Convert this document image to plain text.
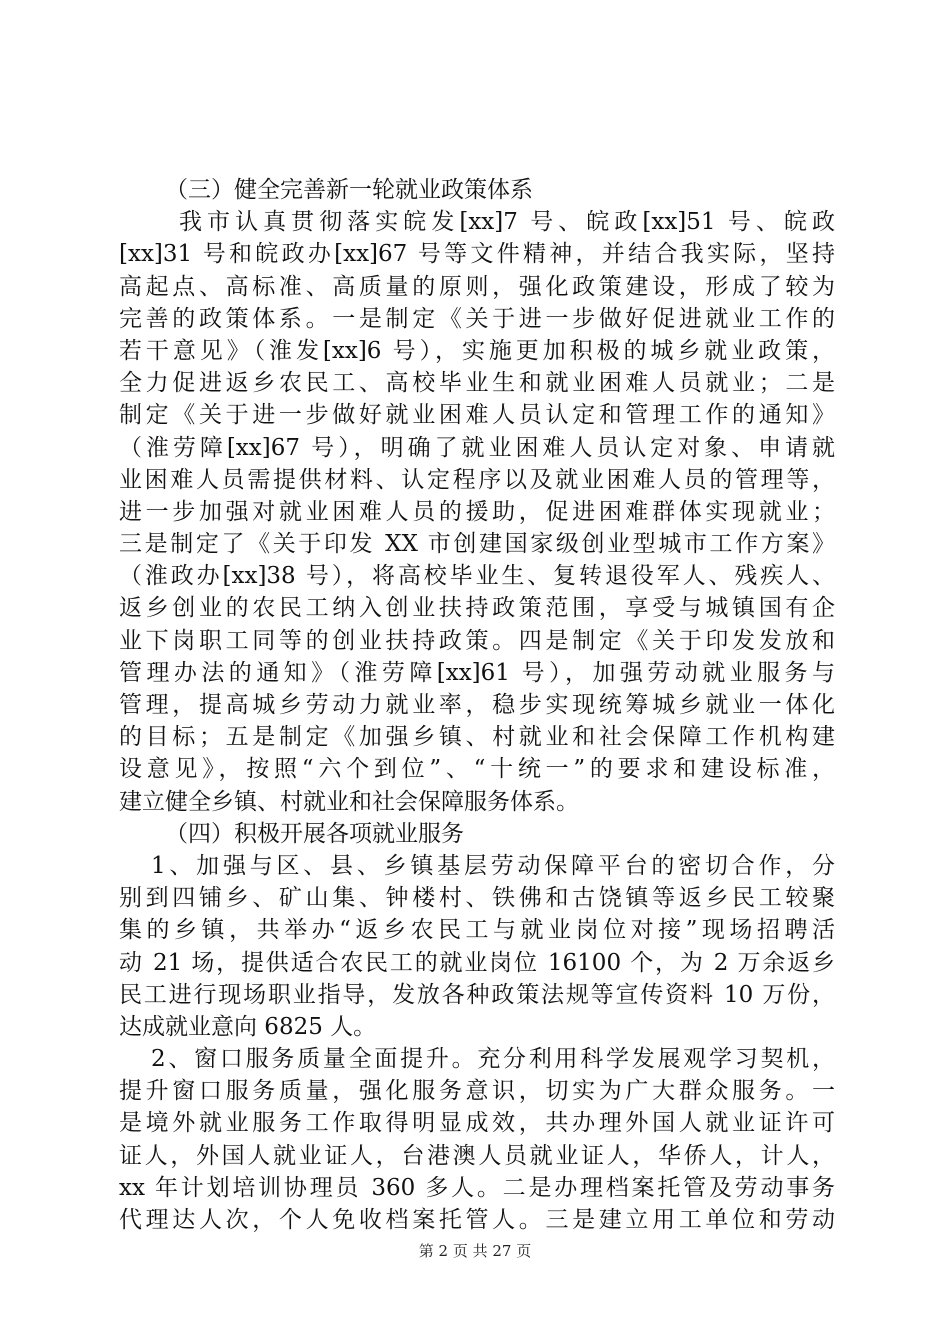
（三）健全完善新一轮就业政策体系
我市认真贯彻落实皖发[xx]7 号、皖政[xx]51 号、皖政
[xx]31 号和皖政办[xx]67 号等文件精神，并结合我实际，坚持
高起点、高标准、高质量的原则，强化政策建设，形成了较为
完善的政策体系。一是制定《关于进一步做好促进就业工作的
若干意见》（淮发[xx]6 号），实施更加积极的城乡就业政策，
全力促进返乡农民工、高校毕业生和就业困难人员就业；二是
制定《关于进一步做好就业困难人员认定和管理工作的通知》
（淮劳障[xx]67 号），明确了就业困难人员认定对象、申请就
业困难人员需提供材料、认定程序以及就业困难人员的管理等，
进一步加强对就业困难人员的援助，促进困难群体实现就业；
三是制定了《关于印发 XX 市创建国家级创业型城市工作方案》
（淮政办[xx]38 号），将高校毕业生、复转退役军人、残疾人、
返乡创业的农民工纳入创业扶持政策范围，享受与城镇国有企
业下岗职工同等的创业扶持政策。四是制定《关于印发发放和
管理办法的通知》（淮劳障[xx]61 号），加强劳动就业服务与
管理，提高城乡劳动力就业率，稳步实现统筹城乡就业一体化
的目标；五是制定《加强乡镇、村就业和社会保障工作机构建
设意见》，按照“六个到位”、“十统一”的要求和建设标准，
建立健全乡镇、村就业和社会保障服务体系。
（四）积极开展各项就业服务
1、加强与区、县、乡镇基层劳动保障平台的密切合作，分
别到四铺乡、矿山集、钟楼村、铁佛和古饶镇等返乡民工较聚
集的乡镇，共举办“返乡农民工与就业岗位对接”现场招聘活
动 21 场，提供适合农民工的就业岗位 16100 个，为 2 万余返乡
民工进行现场职业指导，发放各种政策法规等宣传资料 10 万份，
达成就业意向 6825 人。
2、窗口服务质量全面提升。充分利用科学发展观学习契机，
提升窗口服务质量，强化服务意识，切实为广大群众服务。一
是境外就业服务工作取得明显成效，共办理外国人就业证许可
证人，外国人就业证人，台港澳人员就业证人，华侨人，计人，
xx 年计划培训协理员 360 多人。二是办理档案托管及劳动事务
代理达人次，个人免收档案托管人。三是建立用工单位和劳动
第 2 页 共 27 页
